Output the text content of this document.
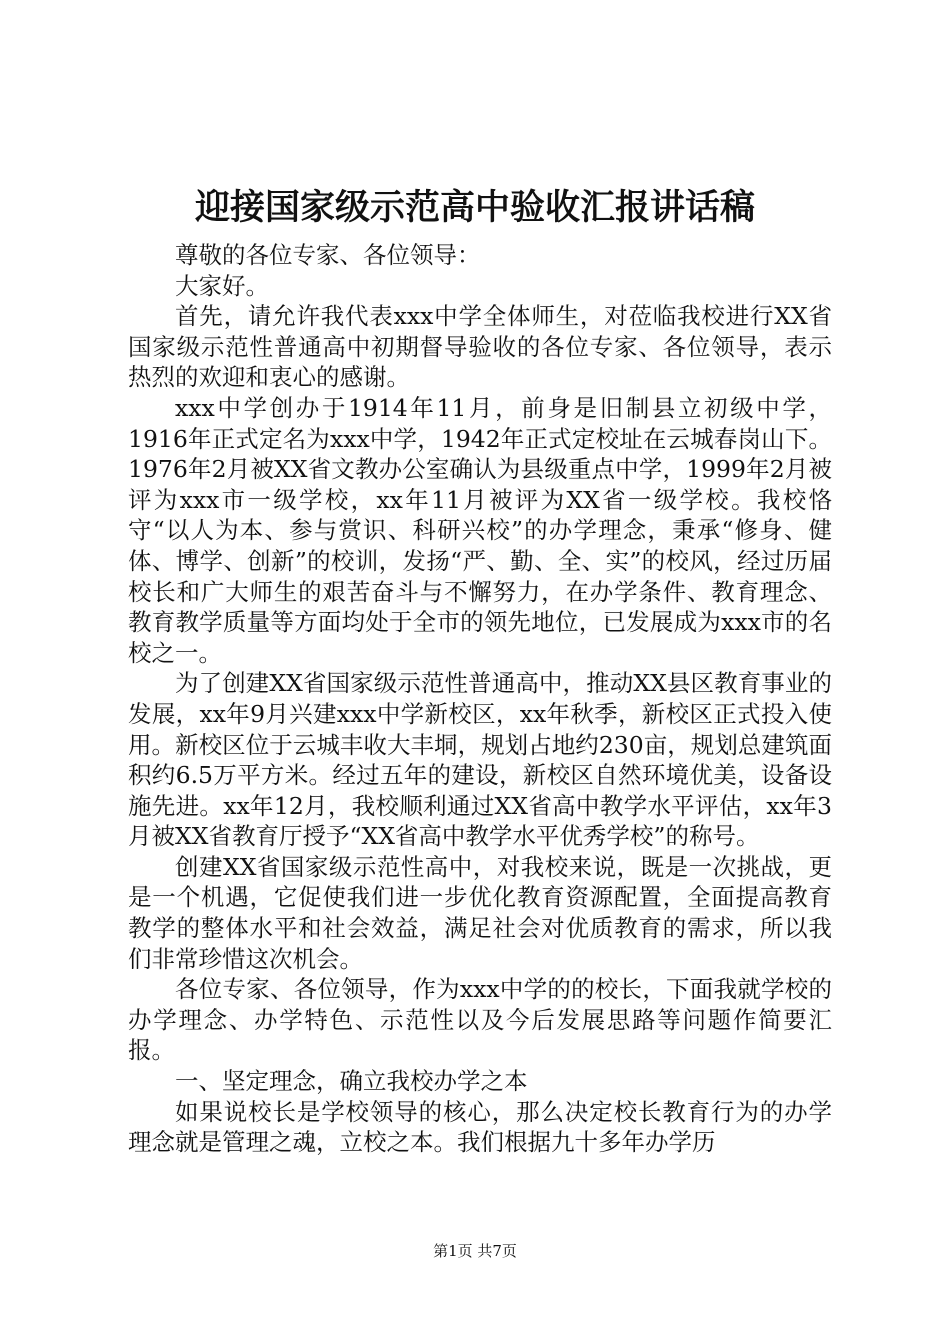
迎接国家级示范高中验收汇报讲话稿

尊敬的各位专家、各位领导：

大家好。

首先，请允许我代表xxx中学全体师生，对莅临我校进行XX省国家级示范性普通高中初期督导验收的各位专家、各位领导，表示热烈的欢迎和衷心的感谢。

xxx中学创办于1914年11月，前身是旧制县立初级中学，1916年正式定名为xxx中学，1942年正式定校址在云城春岗山下。1976年2月被XX省文教办公室确认为县级重点中学，1999年2月被评为xxx市一级学校，xx年11月被评为XX省一级学校。我校恪守“以人为本、参与赏识、科研兴校”的办学理念，秉承“修身、健体、博学、创新”的校训，发扬“严、勤、全、实”的校风，经过历届校长和广大师生的艰苦奋斗与不懈努力，在办学条件、教育理念、教育教学质量等方面均处于全市的领先地位，已发展成为xxx市的名校之一。

为了创建XX省国家级示范性普通高中，推动XX县区教育事业的发展，xx年9月兴建xxx中学新校区，xx年秋季，新校区正式投入使用。新校区位于云城丰收大丰垌，规划占地约230亩，规划总建筑面积约6.5万平方米。经过五年的建设，新校区自然环境优美，设备设施先进。xx年12月，我校顺利通过XX省高中教学水平评估，xx年3月被XX省教育厅授予“XX省高中教学水平优秀学校”的称号。

创建XX省国家级示范性高中，对我校来说，既是一次挑战，更是一个机遇，它促使我们进一步优化教育资源配置，全面提高教育教学的整体水平和社会效益，满足社会对优质教育的需求，所以我们非常珍惜这次机会。

各位专家、各位领导，作为xxx中学的的校长，下面我就学校的办学理念、办学特色、示范性以及今后发展思路等问题作简要汇报。

一、坚定理念，确立我校办学之本

如果说校长是学校领导的核心，那么决定校长教育行为的办学理念就是管理之魂，立校之本。我们根据九十多年办学历

第1页 共7页
